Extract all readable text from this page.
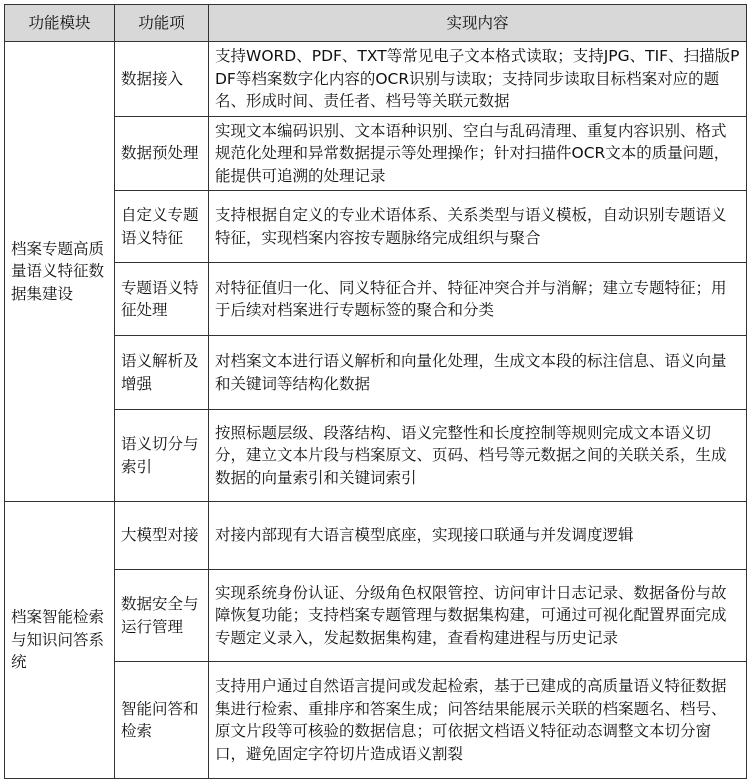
功能模块	功能项	实现内容
档案专题高质量语义特征数据集建设	数据接入	支持WORD、PDF、TXT等常见电子文本格式读取；支持JPG、TIF、扫描版PDF等档案数字化内容的OCR识别与读取；支持同步读取目标档案对应的题名、形成时间、责任者、档号等关联元数据
	数据预处理	实现文本编码识别、文本语种识别、空白与乱码清理、重复内容识别、格式规范化处理和异常数据提示等处理操作；针对扫描件OCR文本的质量问题，能提供可追溯的处理记录
	自定义专题语义特征	支持根据自定义的专业术语体系、关系类型与语义模板，自动识别专题语义特征，实现档案内容按专题脉络完成组织与聚合
	专题语义特征处理	对特征值归一化、同义特征合并、特征冲突合并与消解；建立专题特征；用于后续对档案进行专题标签的聚合和分类
	语义解析及增强	对档案文本进行语义解析和向量化处理，生成文本段的标注信息、语义向量和关键词等结构化数据
	语义切分与索引	按照标题层级、段落结构、语义完整性和长度控制等规则完成文本语义切分，建立文本片段与档案原文、页码、档号等元数据之间的关联关系，生成数据的向量索引和关键词索引
档案智能检索与知识问答系统	大模型对接	对接内部现有大语言模型底座，实现接口联通与并发调度逻辑
	数据安全与运行管理	实现系统身份认证、分级角色权限管控、访问审计日志记录、数据备份与故障恢复功能；支持档案专题管理与数据集构建，可通过可视化配置界面完成专题定义录入，发起数据集构建，查看构建进程与历史记录
	智能问答和检索	支持用户通过自然语言提问或发起检索，基于已建成的高质量语义特征数据集进行检索、重排序和答案生成；问答结果能展示关联的档案题名、档号、原文片段等可核验的数据信息；可依据文档语义特征动态调整文本切分窗口，避免固定字符切片造成语义割裂
